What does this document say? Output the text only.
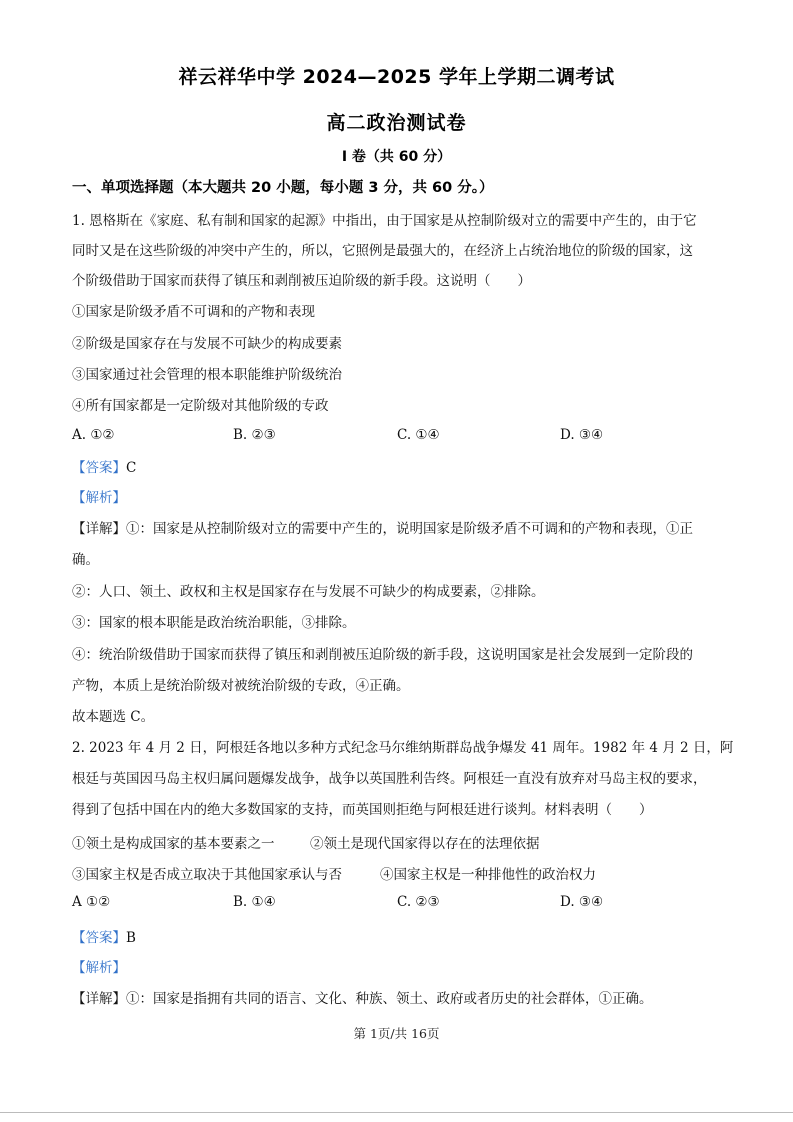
祥云祥华中学 2024—2025 学年上学期二调考试
高二政治测试卷
I 卷（共 60 分）
一、单项选择题（本大题共 20 小题，每小题 3 分，共 60 分。）
1. 恩格斯在《家庭、私有制和国家的起源》中指出，由于国家是从控制阶级对立的需要中产生的，由于它
同时又是在这些阶级的冲突中产生的，所以，它照例是最强大的，在经济上占统治地位的阶级的国家，这
个阶级借助于国家而获得了镇压和剥削被压迫阶级的新手段。这说明（　　）
①国家是阶级矛盾不可调和的产物和表现
②阶级是国家存在与发展不可缺少的构成要素
③国家通过社会管理的根本职能维护阶级统治
④所有国家都是一定阶级对其他阶级的专政
A. ①②	B. ②③	C. ①④	D. ③④
【答案】C
【解析】
【详解】①：国家是从控制阶级对立的需要中产生的，说明国家是阶级矛盾不可调和的产物和表现，①正
确。
②：人口、领土、政权和主权是国家存在与发展不可缺少的构成要素，②排除。
③：国家的根本职能是政治统治职能，③排除。
④：统治阶级借助于国家而获得了镇压和剥削被压迫阶级的新手段，这说明国家是社会发展到一定阶段的
产物，本质上是统治阶级对被统治阶级的专政，④正确。
故本题选 C。
2. 2023 年 4 月 2 日，阿根廷各地以多种方式纪念马尔维纳斯群岛战争爆发 41 周年。1982 年 4 月 2 日，阿
根廷与英国因马岛主权归属问题爆发战争，战争以英国胜利告终。阿根廷一直没有放弃对马岛主权的要求，
得到了包括中国在内的绝大多数国家的支持，而英国则拒绝与阿根廷进行谈判。材料表明（　　）
①领土是构成国家的基本要素之一	②领土是现代国家得以存在的法理依据
③国家主权是否成立取决于其他国家承认与否	④国家主权是一种排他性的政治权力
A ①②	B. ①④	C. ②③	D. ③④
【答案】B
【解析】
【详解】①：国家是指拥有共同的语言、文化、种族、领土、政府或者历史的社会群体，①正确。
第 1页/共 16页
